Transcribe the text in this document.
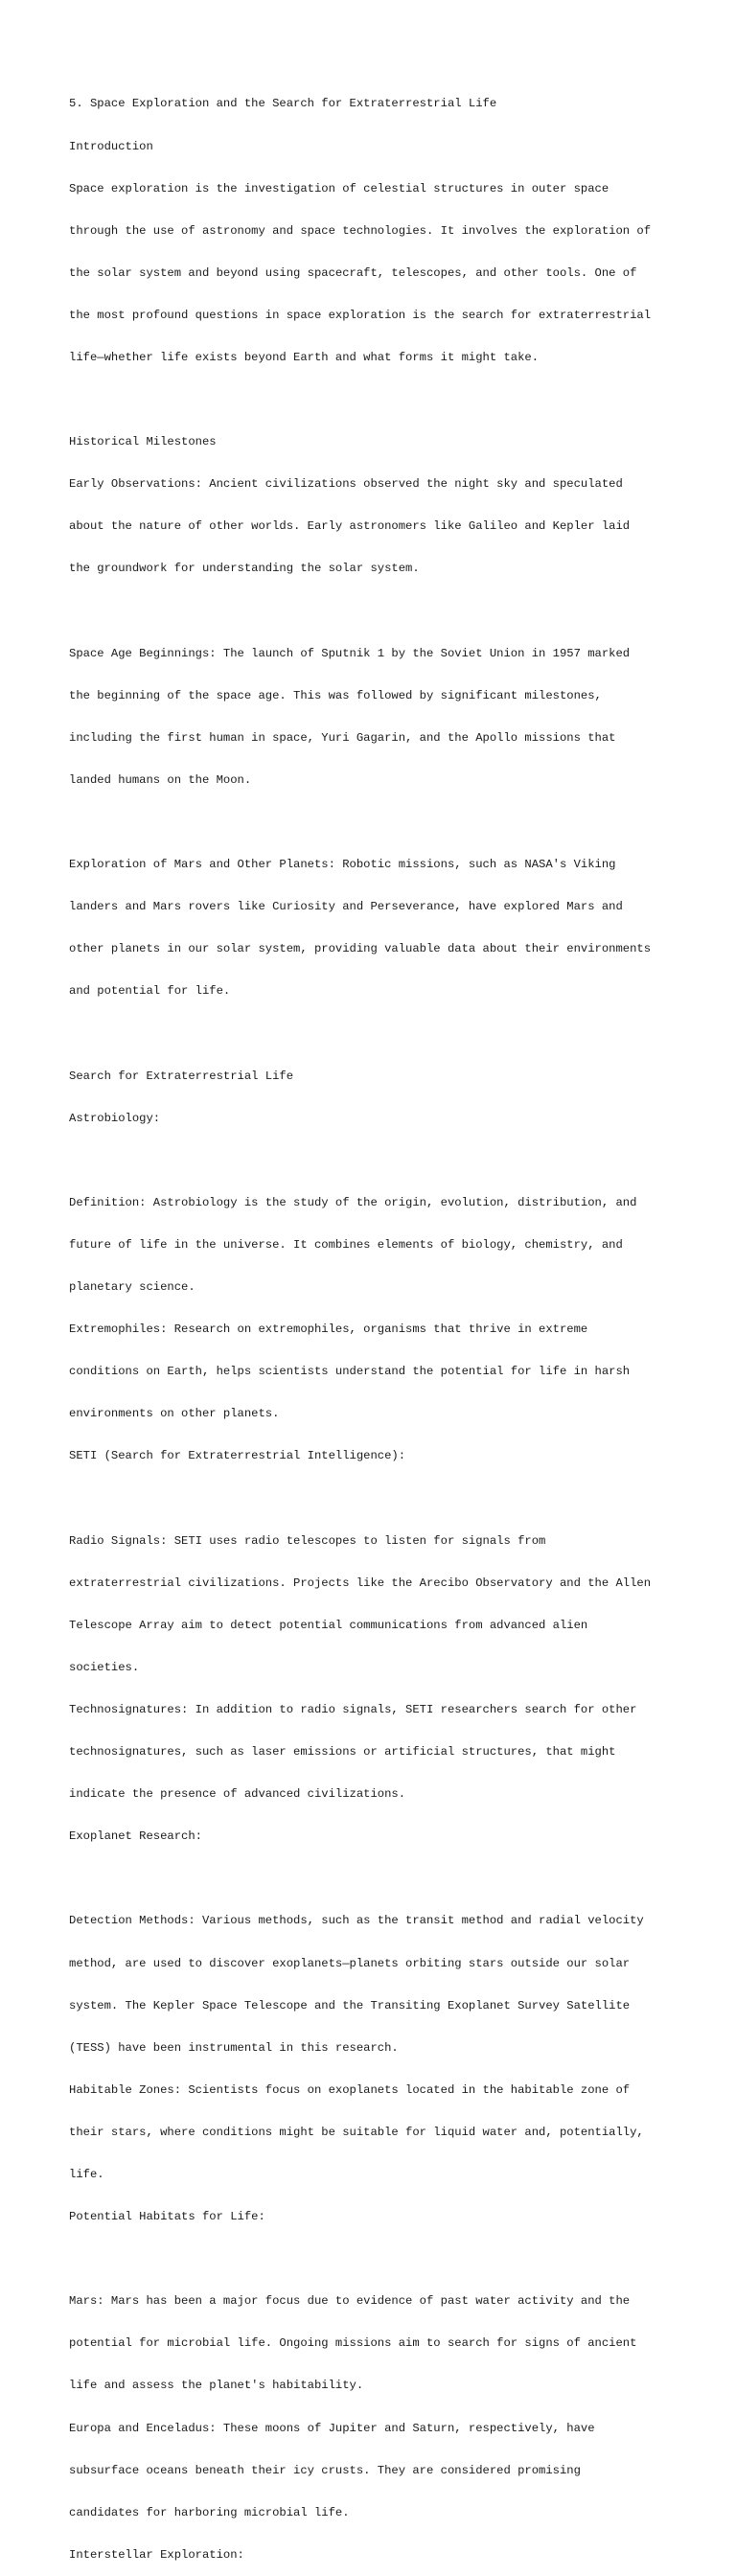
5. Space Exploration and the Search for Extraterrestrial Life

Introduction

Space exploration is the investigation of celestial structures in outer space

through the use of astronomy and space technologies. It involves the exploration of

the solar system and beyond using spacecraft, telescopes, and other tools. One of

the most profound questions in space exploration is the search for extraterrestrial

life—whether life exists beyond Earth and what forms it might take.

Historical Milestones

Early Observations: Ancient civilizations observed the night sky and speculated

about the nature of other worlds. Early astronomers like Galileo and Kepler laid

the groundwork for understanding the solar system.

Space Age Beginnings: The launch of Sputnik 1 by the Soviet Union in 1957 marked

the beginning of the space age. This was followed by significant milestones,

including the first human in space, Yuri Gagarin, and the Apollo missions that

landed humans on the Moon.

Exploration of Mars and Other Planets: Robotic missions, such as NASA's Viking

landers and Mars rovers like Curiosity and Perseverance, have explored Mars and

other planets in our solar system, providing valuable data about their environments

and potential for life.

Search for Extraterrestrial Life

Astrobiology:

Definition: Astrobiology is the study of the origin, evolution, distribution, and

future of life in the universe. It combines elements of biology, chemistry, and

planetary science.

Extremophiles: Research on extremophiles, organisms that thrive in extreme

conditions on Earth, helps scientists understand the potential for life in harsh

environments on other planets.

SETI (Search for Extraterrestrial Intelligence):

Radio Signals: SETI uses radio telescopes to listen for signals from

extraterrestrial civilizations. Projects like the Arecibo Observatory and the Allen

Telescope Array aim to detect potential communications from advanced alien

societies.

Technosignatures: In addition to radio signals, SETI researchers search for other

technosignatures, such as laser emissions or artificial structures, that might

indicate the presence of advanced civilizations.

Exoplanet Research:

Detection Methods: Various methods, such as the transit method and radial velocity

method, are used to discover exoplanets—planets orbiting stars outside our solar

system. The Kepler Space Telescope and the Transiting Exoplanet Survey Satellite

(TESS) have been instrumental in this research.

Habitable Zones: Scientists focus on exoplanets located in the habitable zone of

their stars, where conditions might be suitable for liquid water and, potentially,

life.

Potential Habitats for Life:

Mars: Mars has been a major focus due to evidence of past water activity and the

potential for microbial life. Ongoing missions aim to search for signs of ancient

life and assess the planet's habitability.

Europa and Enceladus: These moons of Jupiter and Saturn, respectively, have

subsurface oceans beneath their icy crusts. They are considered promising

candidates for harboring microbial life.

Interstellar Exploration:
